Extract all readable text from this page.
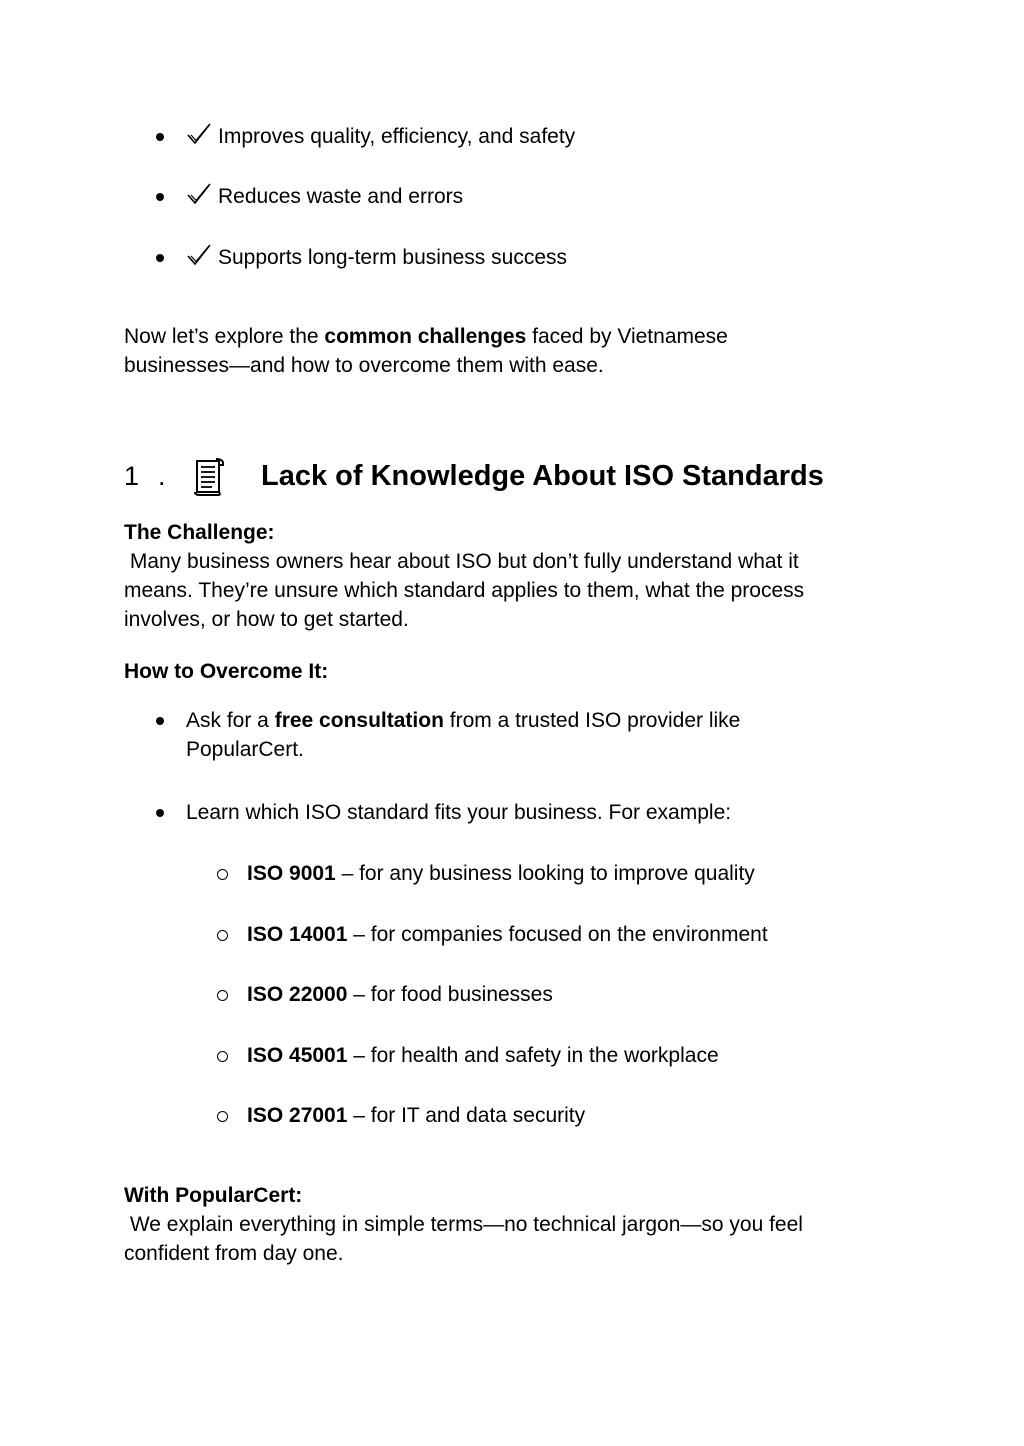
Improves quality, efficiency, and safety
Reduces waste and errors
Supports long-term business success
Now let’s explore the common challenges faced by Vietnamese
businesses—and how to overcome them with ease.
1 .	Lack of Knowledge About ISO Standards
The Challenge:
Many business owners hear about ISO but don’t fully understand what it
means. They’re unsure which standard applies to them, what the process
involves, or how to get started.
How to Overcome It:
Ask for a free consultation from a trusted ISO provider like
PopularCert.
Learn which ISO standard fits your business. For example:
ISO 9001 – for any business looking to improve quality
ISO 14001 – for companies focused on the environment
ISO 22000 – for food businesses
ISO 45001 – for health and safety in the workplace
ISO 27001 – for IT and data security
With PopularCert:
We explain everything in simple terms—no technical jargon—so you feel
confident from day one.
